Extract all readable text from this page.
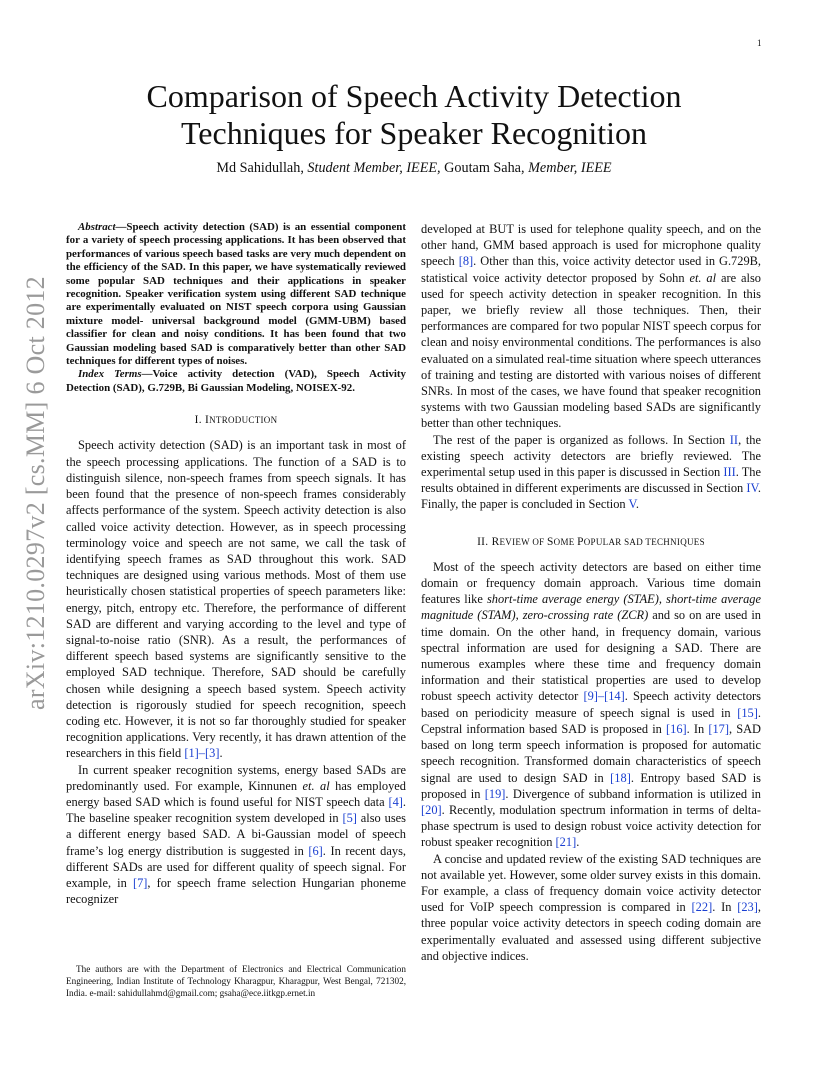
1
arXiv:1210.0297v2 [cs.MM] 6 Oct 2012
Comparison of Speech Activity Detection
Techniques for Speaker Recognition
Md Sahidullah, Student Member, IEEE, Goutam Saha, Member, IEEE

Abstract—Speech activity detection (SAD) is an essential component for a variety of speech processing applications. It has been observed that performances of various speech based tasks are very much dependent on the efficiency of the SAD. In this paper, we have systematically reviewed some popular SAD techniques and their applications in speaker recognition. Speaker verification system using different SAD technique are experimentally evaluated on NIST speech corpora using Gaussian mixture model- universal background model (GMM-UBM) based classifier for clean and noisy conditions. It has been found that two Gaussian modeling based SAD is comparatively better than other SAD techniques for different types of noises.

Index Terms—Voice activity detection (VAD), Speech Activity Detection (SAD), G.729B, Bi Gaussian Modeling, NOISEX-92.

I. INTRODUCTION

Speech activity detection (SAD) is an important task in most of the speech processing applications. The function of a SAD is to distinguish silence, non-speech frames from speech signals. It has been found that the presence of non-speech frames considerably affects performance of the system. Speech activity detection is also called voice activity detection. However, as in speech processing terminology voice and speech are not same, we call the task of identifying speech frames as SAD throughout this work. SAD techniques are designed using various methods. Most of them use heuristically chosen statistical properties of speech parameters like: energy, pitch, entropy etc. Therefore, the performance of different SAD are different and varying according to the level and type of signal-to-noise ratio (SNR). As a result, the performances of different speech based systems are significantly sensitive to the employed SAD technique. Therefore, SAD should be carefully chosen while designing a speech based system. Speech activity detection is rigorously studied for speech recognition, speech coding etc. However, it is not so far thoroughly studied for speaker recognition applications. Very recently, it has drawn attention of the researchers in this field [1]–[3].

In current speaker recognition systems, energy based SADs are predominantly used. For example, Kinnunen et. al has employed energy based SAD which is found useful for NIST speech data [4]. The baseline speaker recognition system developed in [5] also uses a different energy based SAD. A bi-Gaussian model of speech frame’s log energy distribution is suggested in [6]. In recent days, different SADs are used for different quality of speech signal. For example, in [7], for speech frame selection Hungarian phoneme recognizer

The authors are with the Department of Electronics and Electrical Communication Engineering, Indian Institute of Technology Kharagpur, Kharagpur, West Bengal, 721302, India. e-mail: sahidullahmd@gmail.com; gsaha@ece.iitkgp.ernet.in

developed at BUT is used for telephone quality speech, and on the other hand, GMM based approach is used for microphone quality speech [8]. Other than this, voice activity detector used in G.729B, statistical voice activity detector proposed by Sohn et. al are also used for speech activity detection in speaker recognition. In this paper, we briefly review all those techniques. Then, their performances are compared for two popular NIST speech corpus for clean and noisy environmental conditions. The performances is also evaluated on a simulated real-time situation where speech utterances of training and testing are distorted with various noises of different SNRs. In most of the cases, we have found that speaker recognition systems with two Gaussian modeling based SADs are significantly better than other techniques.

The rest of the paper is organized as follows. In Section II, the existing speech activity detectors are briefly reviewed. The experimental setup used in this paper is discussed in Section III. The results obtained in different experiments are discussed in Section IV. Finally, the paper is concluded in Section V.

II. REVIEW OF SOME POPULAR SAD TECHNIQUES

Most of the speech activity detectors are based on either time domain or frequency domain approach. Various time domain features like short-time average energy (STAE), short-time average magnitude (STAM), zero-crossing rate (ZCR) and so on are used in time domain. On the other hand, in frequency domain, various spectral information are used for designing a SAD. There are numerous examples where these time and frequency domain information and their statistical properties are used to develop robust speech activity detector [9]–[14]. Speech activity detectors based on periodicity measure of speech signal is used in [15]. Cepstral information based SAD is proposed in [16]. In [17], SAD based on long term speech information is proposed for automatic speech recognition. Transformed domain characteristics of speech signal are used to design SAD in [18]. Entropy based SAD is proposed in [19]. Divergence of subband information is utilized in [20]. Recently, modulation spectrum information in terms of delta-phase spectrum is used to design robust voice activity detection for robust speaker recognition [21].

A concise and updated review of the existing SAD techniques are not available yet. However, some older survey exists in this domain. For example, a class of frequency domain voice activity detector used for VoIP speech compression is compared in [22]. In [23], three popular voice activity detectors in speech coding domain are experimentally evaluated and assessed using different subjective and objective indices.
